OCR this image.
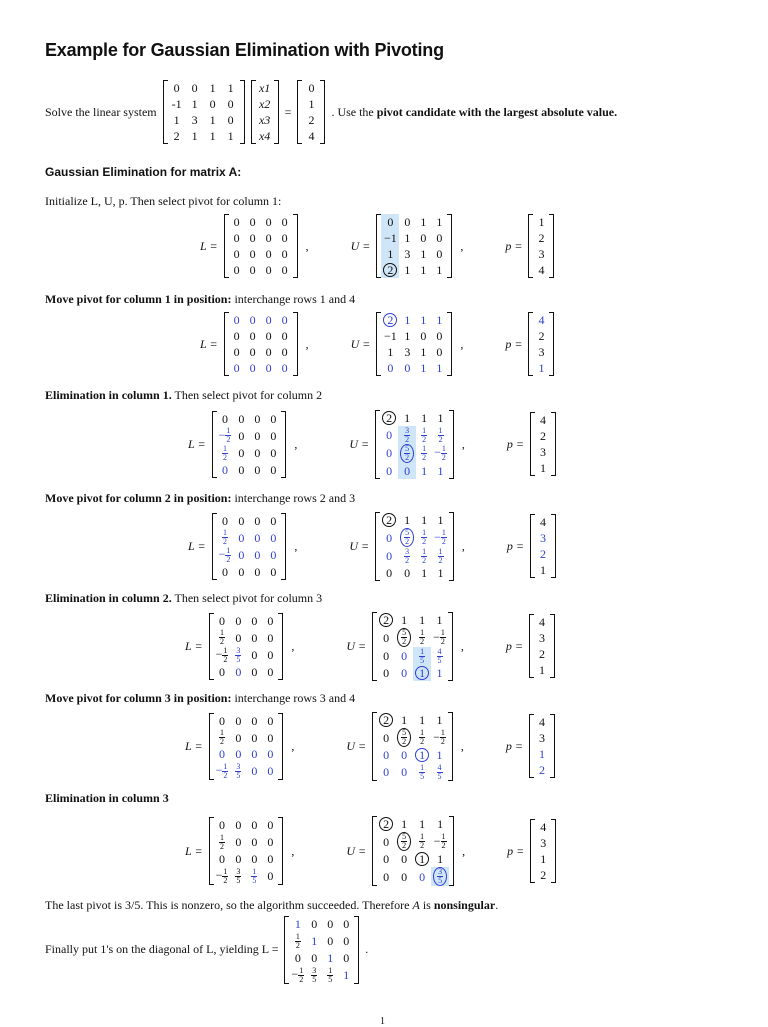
Example for Gaussian Elimination with Pivoting
Solve the linear system
0	0	1	1
-1	1	0	0
1	3	1	0
2	1	1	1
x1
x2
x3
x4
=
0
1
2
4
. Use the pivot candidate with the largest absolute value.
Gaussian Elimination for matrix A:
Initialize L, U, p. Then select pivot for column 1:
L =
0	0	0	0
0	0	0	0
0	0	0	0
0	0	0	0
,	U =
0	0	1	1
−1	1	0	0
1	3	1	0
2	1	1	1
,	p =
1
2
3
4
Move pivot for column 1 in position: interchange rows 1 and 4
L =
0	0	0	0
0	0	0	0
0	0	0	0
0	0	0	0
,	U =
2	1	1	1
−1	1	0	0
1	3	1	0
0	0	1	1
,	p =
4
2
3
1
Elimination in column 1. Then select pivot for column 2
L =
0	0	0	0
− $\frac{1}{2}$	0	0	0

$\frac{1}{2}$	0	0	0
0	0	0	0
,	U =
2	1	1	1
0	$\frac{3}{2}$	$\frac{1}{2}$	$\frac{1}{2}$

0	$\frac{5}{2}$	$\frac{1}{2}$	− $\frac{1}{2}$

0	0	1	1
,	p =
4
2
3
1
Move pivot for column 2 in position: interchange rows 2 and 3
L =
0	0	0	0

$\frac{1}{2}$	0	0	0
− $\frac{1}{2}$	0	0	0
0	0	0	0
,	U =
2	1	1	1
0	$\frac{5}{2}$	$\frac{1}{2}$	− $\frac{1}{2}$

0	$\frac{3}{2}$	$\frac{1}{2}$	$\frac{1}{2}$

0	0	1	1
,	p =
4
3
2
1
Elimination in column 2. Then select pivot for column 3
L =
0	0	0	0

$\frac{1}{2}$	0	0	0
− $\frac{1}{2}$	$\frac{3}{5}$	0	0
0	0	0	0
,	U =
2	1	1	1
0	$\frac{5}{2}$	$\frac{1}{2}$	− $\frac{1}{2}$

0	0	$\frac{1}{5}$	$\frac{4}{5}$

0	0	1	1
,	p =
4
3
2
1
Move pivot for column 3 in position: interchange rows 3 and 4
L =
0	0	0	0

$\frac{1}{2}$	0	0	0
0	0	0	0
− $\frac{1}{2}$	$\frac{3}{5}$	0	0
,	U =
2	1	1	1
0	$\frac{5}{2}$	$\frac{1}{2}$	− $\frac{1}{2}$

0	0	1	1
0	0	$\frac{1}{5}$	$\frac{4}{5}$
,	p =
4
3
1
2
Elimination in column 3
L =
0	0	0	0

$\frac{1}{2}$	0	0	0
0	0	0	0
− $\frac{1}{2}$	$\frac{3}{5}$	$\frac{1}{5}$	0
,	U =
2	1	1	1
0	$\frac{5}{2}$	$\frac{1}{2}$	− $\frac{1}{2}$

0	0	1	1
0	0	0	$\frac{3}{5}$
,	p =
4
3
1
2
The last pivot is 3/5. This is nonzero, so the algorithm succeeded. Therefore A is nonsingular.
Finally put 1's on the diagonal of L, yielding L =
1	0	0	0

$\frac{1}{2}$	1	0	0
0	0	1	0
− $\frac{1}{2}$	$\frac{3}{5}$	$\frac{1}{5}$	1
.
1
